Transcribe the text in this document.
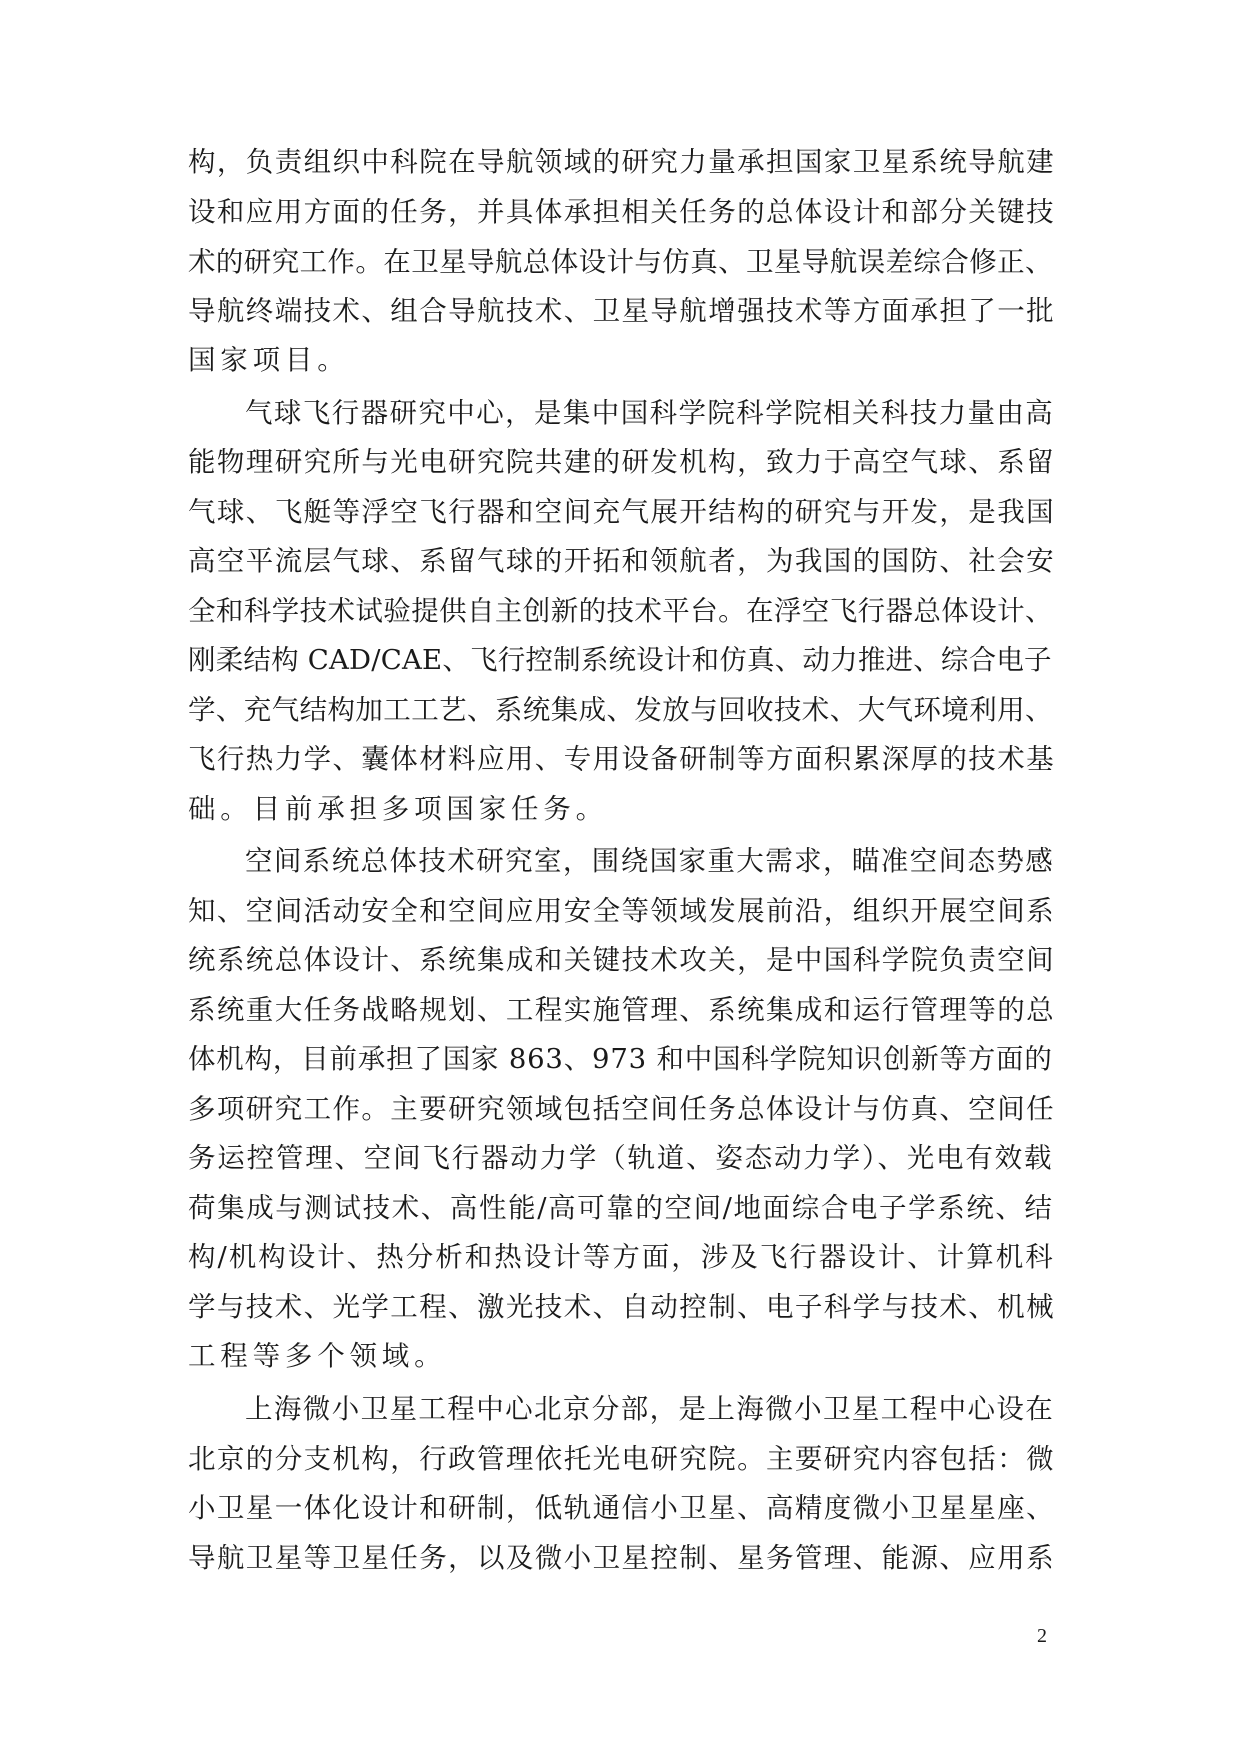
构，负责组织中科院在导航领域的研究力量承担国家卫星系统导航建
设和应用方面的任务，并具体承担相关任务的总体设计和部分关键技
术的研究工作。在卫星导航总体设计与仿真、卫星导航误差综合修正、
导航终端技术、组合导航技术、卫星导航增强技术等方面承担了一批
国家项目。
气球飞行器研究中心，是集中国科学院科学院相关科技力量由高
能物理研究所与光电研究院共建的研发机构，致力于高空气球、系留
气球、飞艇等浮空飞行器和空间充气展开结构的研究与开发，是我国
高空平流层气球、系留气球的开拓和领航者，为我国的国防、社会安
全和科学技术试验提供自主创新的技术平台。在浮空飞行器总体设计、
刚柔结构 CAD/CAE、飞行控制系统设计和仿真、动力推进、综合电子
学、充气结构加工工艺、系统集成、发放与回收技术、大气环境利用、
飞行热力学、囊体材料应用、专用设备研制等方面积累深厚的技术基
础。目前承担多项国家任务。
空间系统总体技术研究室，围绕国家重大需求，瞄准空间态势感
知、空间活动安全和空间应用安全等领域发展前沿，组织开展空间系
统系统总体设计、系统集成和关键技术攻关，是中国科学院负责空间
系统重大任务战略规划、工程实施管理、系统集成和运行管理等的总
体机构，目前承担了国家 863、973 和中国科学院知识创新等方面的
多项研究工作。主要研究领域包括空间任务总体设计与仿真、空间任
务运控管理、空间飞行器动力学（轨道、姿态动力学）、光电有效载
荷集成与测试技术、高性能/高可靠的空间/地面综合电子学系统、结
构/机构设计、热分析和热设计等方面，涉及飞行器设计、计算机科
学与技术、光学工程、激光技术、自动控制、电子科学与技术、机械
工程等多个领域。
上海微小卫星工程中心北京分部，是上海微小卫星工程中心设在
北京的分支机构，行政管理依托光电研究院。主要研究内容包括：微
小卫星一体化设计和研制，低轨通信小卫星、高精度微小卫星星座、
导航卫星等卫星任务，以及微小卫星控制、星务管理、能源、应用系
2
